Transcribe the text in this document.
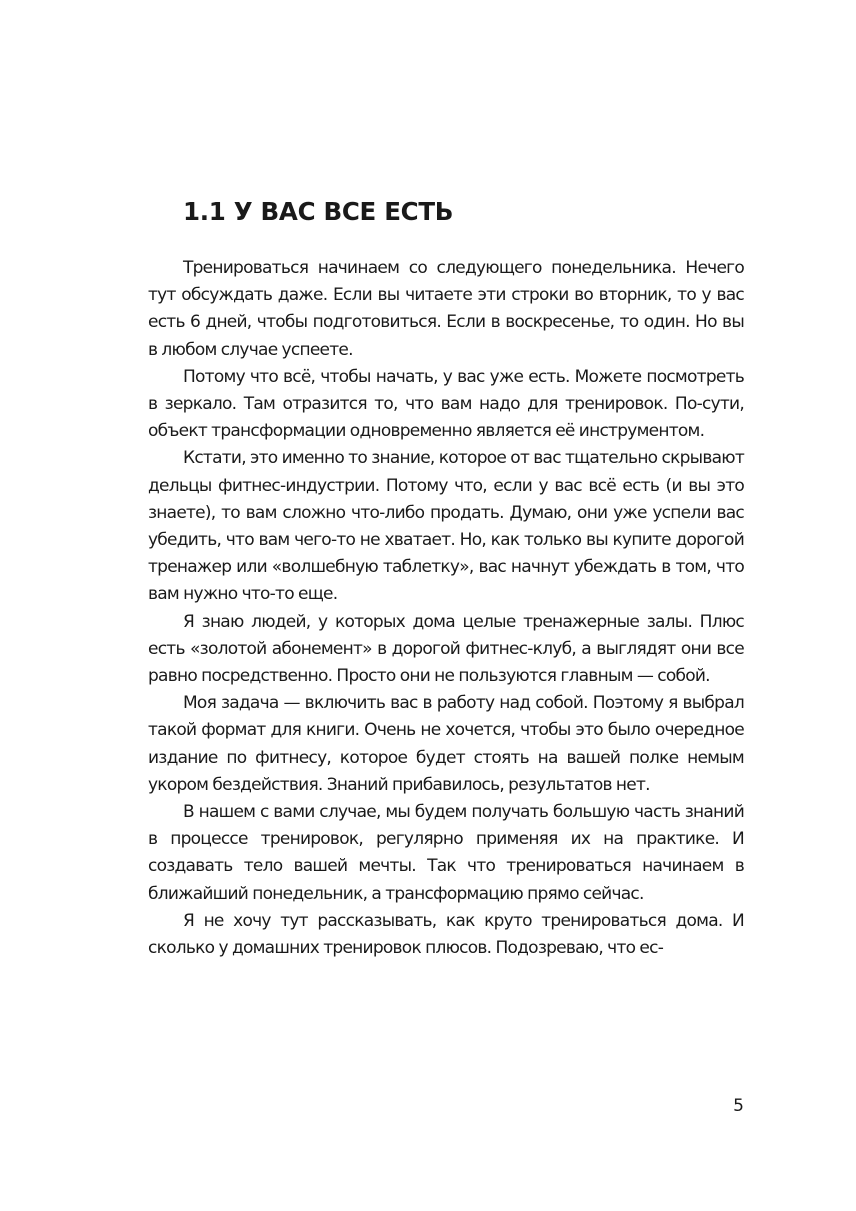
1.1 У ВАС ВСЕ ЕСТЬ

Тренироваться начинаем со следующего понедельника. Нечего тут обсуждать даже. Если вы читаете эти строки во вторник, то у вас есть 6 дней, чтобы подготовиться. Если в воскресенье, то один. Но вы в любом случае успеете.

Потому что всё, чтобы начать, у вас уже есть. Можете посмотреть в зеркало. Там отразится то, что вам надо для тренировок. По-сути, объект трансформации одновременно является её инструментом.

Кстати, это именно то знание, которое от вас тщательно скрывают дельцы фитнес-индустрии. Потому что, если у вас всё есть (и вы это знаете), то вам сложно что-либо продать. Думаю, они уже успели вас убедить, что вам чего-то не хватает. Но, как только вы купите дорогой тренажер или «волшебную таблетку», вас начнут убеждать в том, что вам нужно что-то еще.

Я знаю людей, у которых дома целые тренажерные залы. Плюс есть «золотой абонемент» в дорогой фитнес-клуб, а выглядят они все равно посредственно. Просто они не пользуются главным — собой.

Моя задача — включить вас в работу над собой. Поэтому я выбрал такой формат для книги. Очень не хочется, чтобы это было очередное издание по фитнесу, которое будет стоять на вашей полке немым укором бездействия. Знаний прибавилось, результатов нет.

В нашем с вами случае, мы будем получать большую часть знаний в процессе тренировок, регулярно применяя их на практике. И создавать тело вашей мечты. Так что тренироваться начинаем в ближайший понедельник, а трансформацию прямо сейчас.

Я не хочу тут рассказывать, как круто тренироваться дома. И сколько у домашних тренировок плюсов. Подозреваю, что ес-

5
